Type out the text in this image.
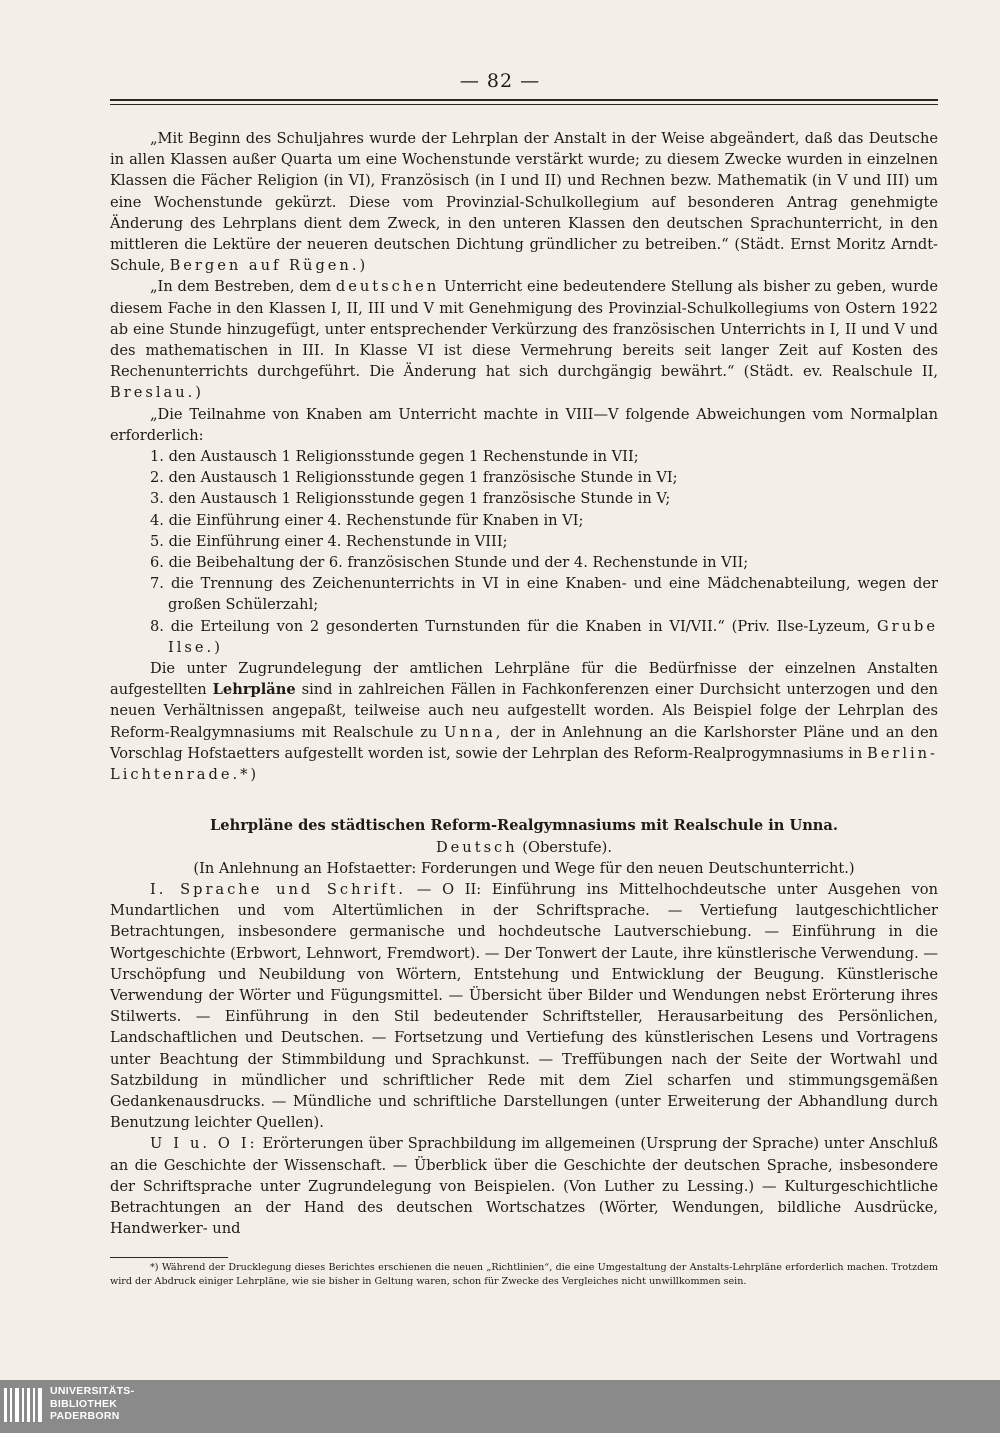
— 82 —

„Mit Beginn des Schuljahres wurde der Lehrplan der Anstalt in der Weise abgeändert, daß das Deutsche in allen Klassen außer Quarta um eine Wochenstunde verstärkt wurde; zu diesem Zwecke wurden in einzelnen Klassen die Fächer Religion (in VI), Französisch (in I und II) und Rechnen bezw. Mathematik (in V und III) um eine Wochenstunde gekürzt. Diese vom Provinzial-Schulkollegium auf besonderen Antrag genehmigte Änderung des Lehrplans dient dem Zweck, in den unteren Klassen den deutschen Sprachunterricht, in den mittleren die Lektüre der neueren deutschen Dichtung gründlicher zu betreiben.“ (Städt. Ernst Moritz Arndt-Schule, Bergen auf Rügen.)

„In dem Bestreben, dem deutschen Unterricht eine bedeutendere Stellung als bisher zu geben, wurde diesem Fache in den Klassen I, II, III und V mit Genehmigung des Provinzial-Schulkollegiums von Ostern 1922 ab eine Stunde hinzugefügt, unter entsprechender Verkürzung des französischen Unterrichts in I, II und V und des mathematischen in III. In Klasse VI ist diese Vermehrung bereits seit langer Zeit auf Kosten des Rechenunterrichts durchgeführt. Die Änderung hat sich durchgängig bewährt.“ (Städt. ev. Realschule II, Breslau.)

„Die Teilnahme von Knaben am Unterricht machte in VIII—V folgende Abweichungen vom Normalplan erforderlich:

1. den Austausch 1 Religionsstunde gegen 1 Rechenstunde in VII;
2. den Austausch 1 Religionsstunde gegen 1 französische Stunde in VI;
3. den Austausch 1 Religionsstunde gegen 1 französische Stunde in V;
4. die Einführung einer 4. Rechenstunde für Knaben in VI;
5. die Einführung einer 4. Rechenstunde in VIII;
6. die Beibehaltung der 6. französischen Stunde und der 4. Rechenstunde in VII;
7. die Trennung des Zeichenunterrichts in VI in eine Knaben- und eine Mädchenabteilung, wegen der großen Schülerzahl;
8. die Erteilung von 2 gesonderten Turnstunden für die Knaben in VI/VII.“ (Priv. Ilse-Lyzeum, Grube Ilse.)

Die unter Zugrundelegung der amtlichen Lehrpläne für die Bedürfnisse der einzelnen Anstalten aufgestellten Lehrpläne sind in zahlreichen Fällen in Fachkonferenzen einer Durchsicht unterzogen und den neuen Verhältnissen angepaßt, teilweise auch neu aufgestellt worden. Als Beispiel folge der Lehrplan des Reform-Realgymnasiums mit Realschule zu Unna, der in Anlehnung an die Karlshorster Pläne und an den Vorschlag Hofstaetters aufgestellt worden ist, sowie der Lehrplan des Reform-Realprogymnasiums in Berlin-Lichtenrade.*)

Lehrpläne des städtischen Reform-Realgymnasiums mit Realschule in Unna.

Deutsch (Oberstufe).

(In Anlehnung an Hofstaetter: Forderungen und Wege für den neuen Deutschunterricht.)

I. Sprache und Schrift. — O II: Einführung ins Mittelhochdeutsche unter Ausgehen von Mundartlichen und vom Altertümlichen in der Schriftsprache. — Vertiefung lautgeschichtlicher Betrachtungen, insbesondere germanische und hochdeutsche Lautverschiebung. — Einführung in die Wortgeschichte (Erbwort, Lehnwort, Fremdwort). — Der Tonwert der Laute, ihre künstlerische Verwendung. — Urschöpfung und Neubildung von Wörtern, Entstehung und Entwicklung der Beugung. Künstlerische Verwendung der Wörter und Fügungsmittel. — Übersicht über Bilder und Wendungen nebst Erörterung ihres Stilwerts. — Einführung in den Stil bedeutender Schriftsteller, Herausarbeitung des Persönlichen, Landschaftlichen und Deutschen. — Fortsetzung und Vertiefung des künstlerischen Lesens und Vortragens unter Beachtung der Stimmbildung und Sprachkunst. — Treffübungen nach der Seite der Wortwahl und Satzbildung in mündlicher und schriftlicher Rede mit dem Ziel scharfen und stimmungsgemäßen Gedankenausdrucks. — Mündliche und schriftliche Darstellungen (unter Erweiterung der Abhandlung durch Benutzung leichter Quellen).

U I u. O I: Erörterungen über Sprachbildung im allgemeinen (Ursprung der Sprache) unter Anschluß an die Geschichte der Wissenschaft. — Überblick über die Geschichte der deutschen Sprache, insbesondere der Schriftsprache unter Zugrundelegung von Beispielen. (Von Luther zu Lessing.) — Kulturgeschichtliche Betrachtungen an der Hand des deutschen Wortschatzes (Wörter, Wendungen, bildliche Ausdrücke, Handwerker- und

*) Während der Drucklegung dieses Berichtes erschienen die neuen „Richtlinien“, die eine Umgestaltung der Anstalts-Lehrpläne erforderlich machen. Trotzdem wird der Abdruck einiger Lehrpläne, wie sie bisher in Geltung waren, schon für Zwecke des Vergleiches nicht unwillkommen sein.

UNIVERSITÄTS-
BIBLIOTHEK
PADERBORN
